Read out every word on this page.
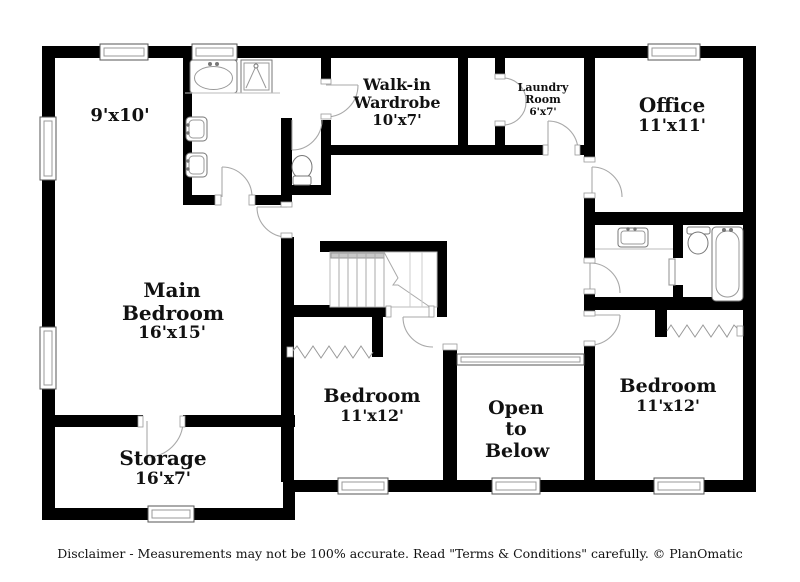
9'x10'
Walk-in Wardrobe
10'x7'
Laundry Room
6'x7'	Office
11'x11'
Main Bedroom
16'x15'
Bedroom
11'x12'	Open to Below
Bedroom
11'x12'
Storage
16'x7'
Disclaimer - Measurements may not be 100% accurate. Read "Terms & Conditions" carefully. © PlanOmatic
